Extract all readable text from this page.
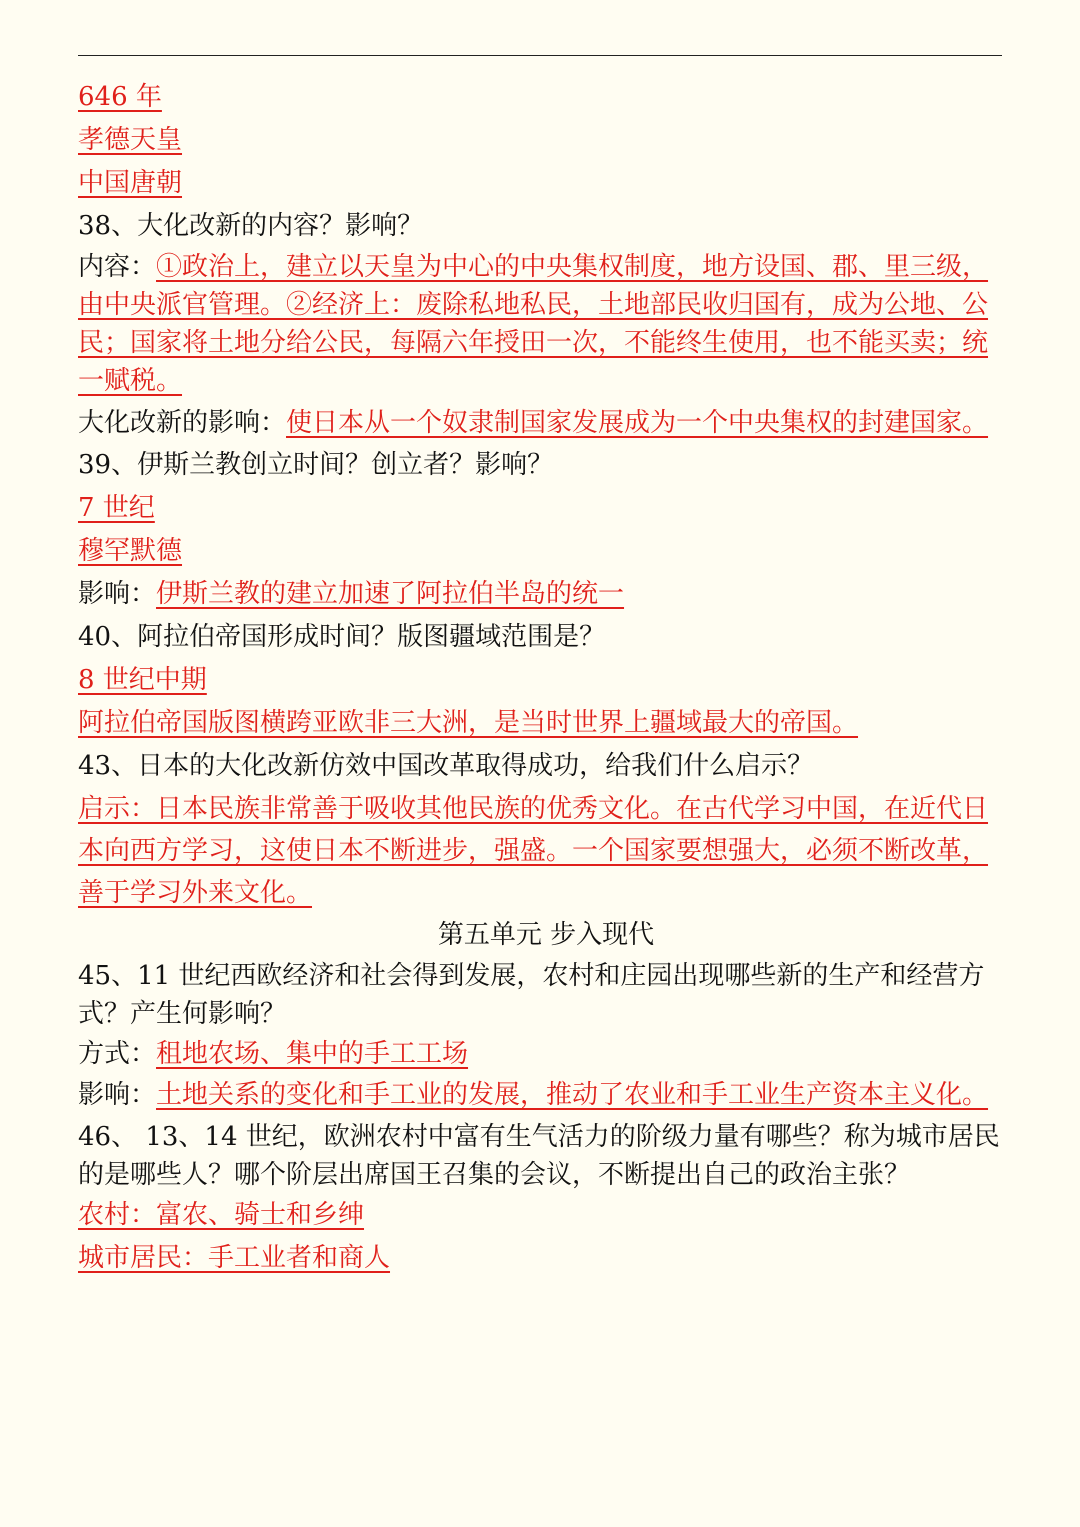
646 年
孝德天皇
中国唐朝
38、大化改新的内容？影响？
内容：①政治上，建立以天皇为中心的中央集权制度，地方设国、郡、里三级，由中央派官管理。②经济上：废除私地私民，土地部民收归国有，成为公地、公民；国家将土地分给公民，每隔六年授田一次，不能终生使用，也不能买卖；统一赋税。
大化改新的影响：使日本从一个奴隶制国家发展成为一个中央集权的封建国家。
39、伊斯兰教创立时间？创立者？影响？
7 世纪
穆罕默德
影响：伊斯兰教的建立加速了阿拉伯半岛的统一
40、阿拉伯帝国形成时间？版图疆域范围是？
8 世纪中期
阿拉伯帝国版图横跨亚欧非三大洲，是当时世界上疆域最大的帝国。
43、日本的大化改新仿效中国改革取得成功，给我们什么启示？
启示：日本民族非常善于吸收其他民族的优秀文化。在古代学习中国，在近代日本向西方学习，这使日本不断进步，强盛。一个国家要想强大，必须不断改革，善于学习外来文化。
第五单元 步入现代
45、11 世纪西欧经济和社会得到发展，农村和庄园出现哪些新的生产和经营方式？产生何影响？
方式：租地农场、集中的手工工场
影响：土地关系的变化和手工业的发展，推动了农业和手工业生产资本主义化。
46、 13、14 世纪，欧洲农村中富有生气活力的阶级力量有哪些？称为城市居民的是哪些人？哪个阶层出席国王召集的会议，不断提出自己的政治主张？
农村：富农、骑士和乡绅
城市居民：手工业者和商人
